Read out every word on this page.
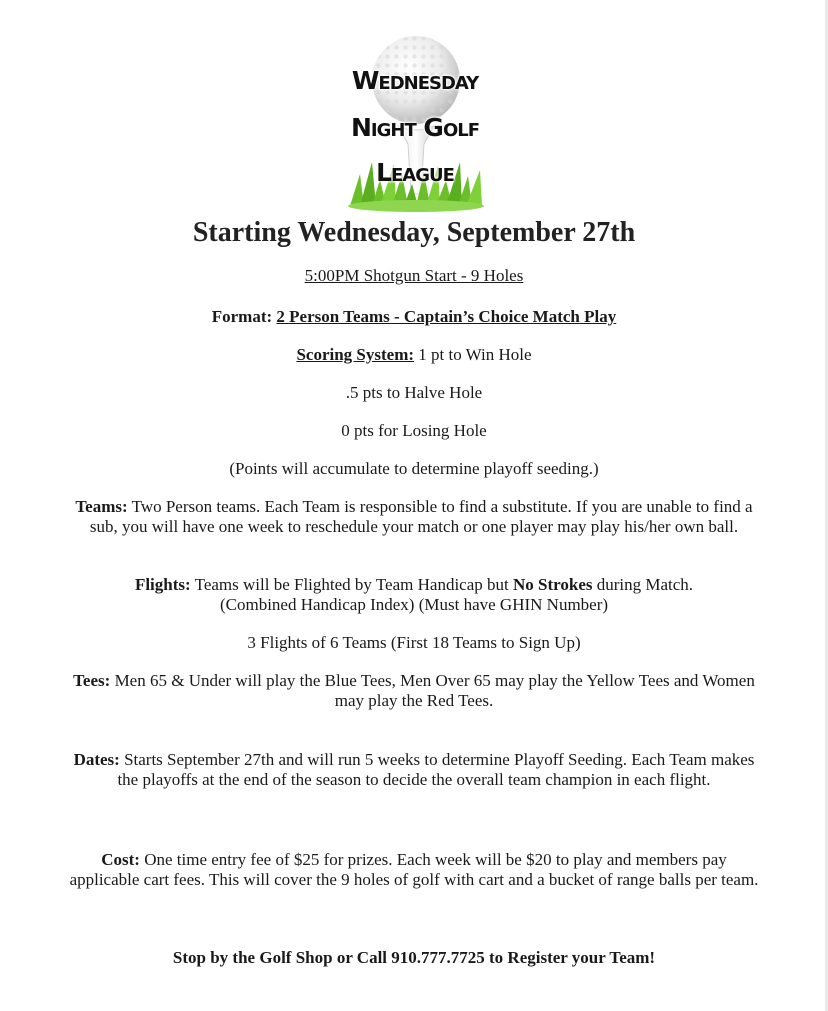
Wednesday
Night Golf
League
Starting Wednesday, September 27th
5:00PM Shotgun Start - 9 Holes
Format: 2 Person Teams - Captain’s Choice Match Play
Scoring System: 1 pt to Win Hole
.5 pts to Halve Hole
0 pts for Losing Hole
(Points will accumulate to determine playoff seeding.)
Teams: Two Person teams. Each Team is responsible to find a substitute. If you are unable to find a sub, you will have one week to reschedule your match or one player may play his/her own ball.
Flights: Teams will be Flighted by Team Handicap but No Strokes during Match.
(Combined Handicap Index) (Must have GHIN Number)
3 Flights of 6 Teams (First 18 Teams to Sign Up)
Tees: Men 65 & Under will play the Blue Tees, Men Over 65 may play the Yellow Tees and Women may play the Red Tees.
Dates: Starts September 27th and will run 5 weeks to determine Playoff Seeding. Each Team makes the playoffs at the end of the season to decide the overall team champion in each flight.
Cost: One time entry fee of $25 for prizes. Each week will be $20 to play and members pay applicable cart fees. This will cover the 9 holes of golf with cart and a bucket of range balls per team.
Stop by the Golf Shop or Call 910.777.7725 to Register your Team!
